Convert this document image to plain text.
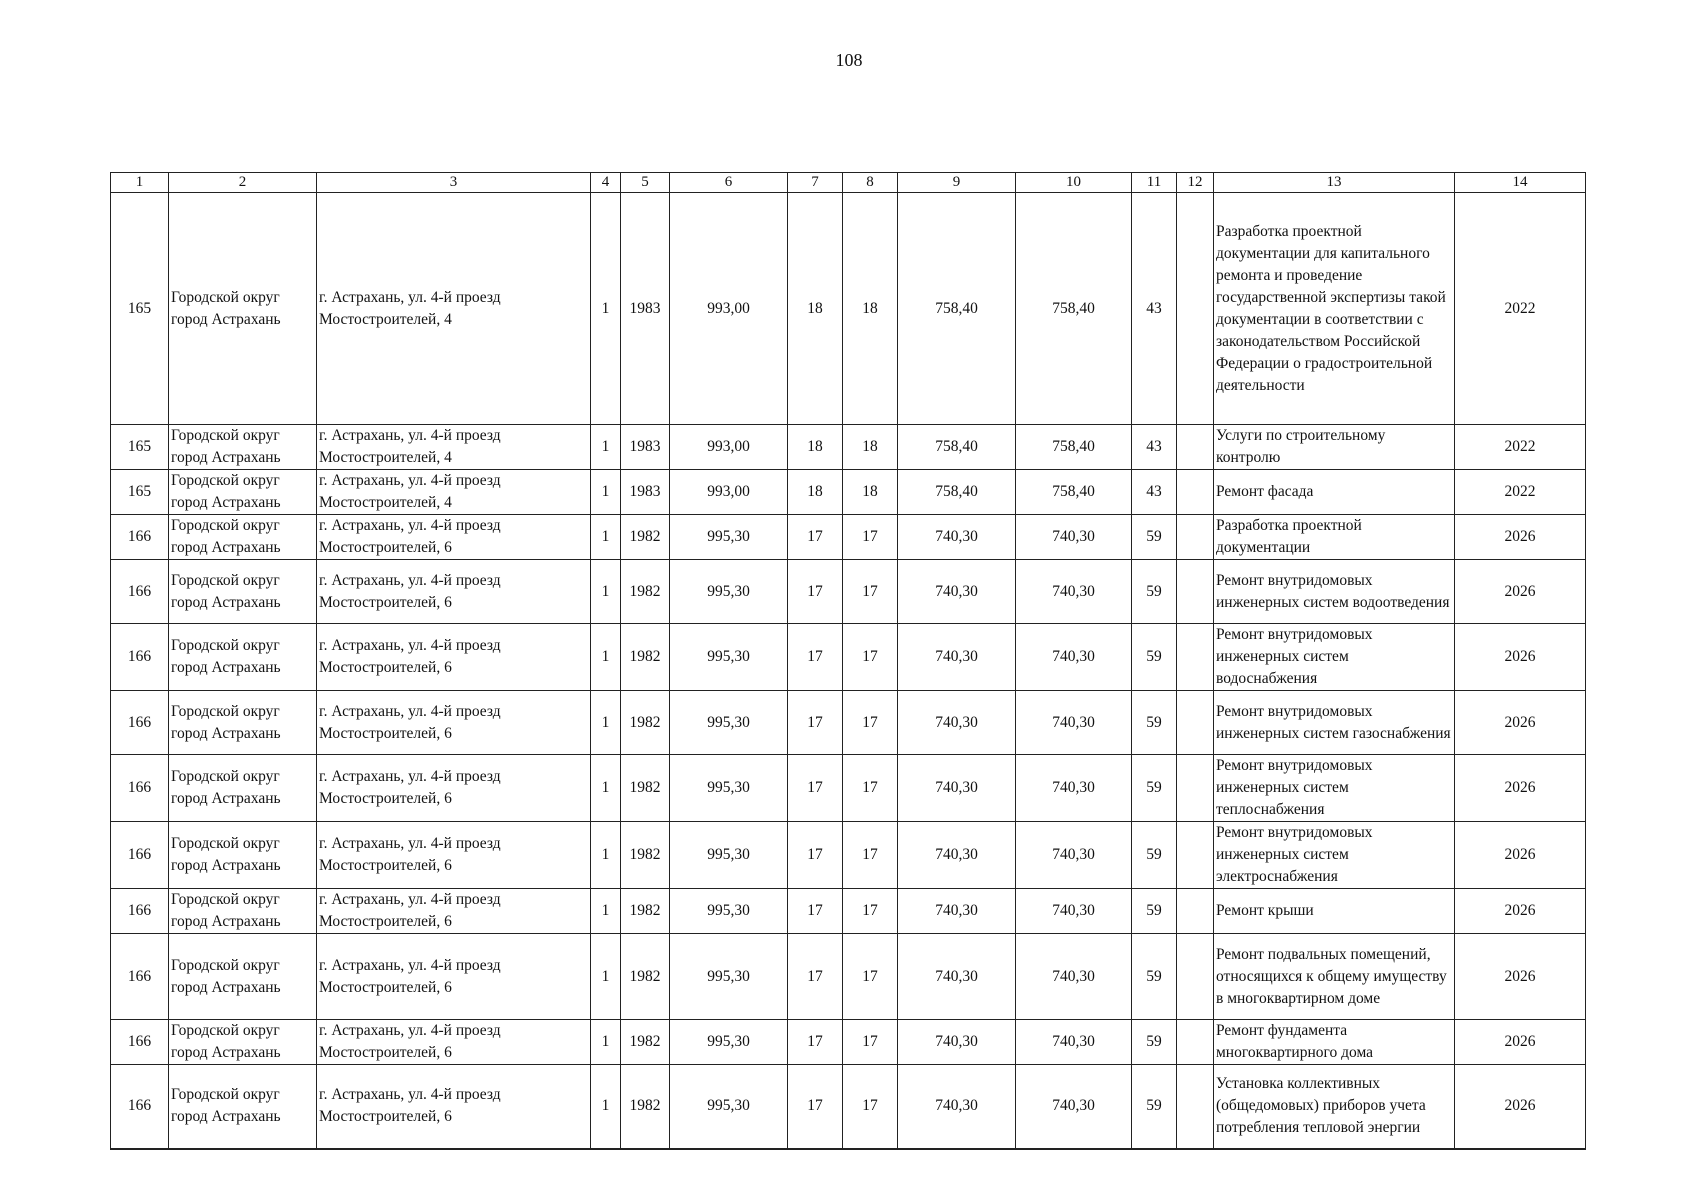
108
1	2	3	4	5	6	7	8	9	10	11	12	13	14
165	Городской округ город Астрахань	г. Астрахань, ул. 4-й проезд Мостостроителей, 4	1	1983	993,00	18	18	758,40	758,40	43		Разработка проектной документации для капитального ремонта и проведение государственной экспертизы такой документации в соответствии с законодательством Российской Федерации о градостроительной деятельности	2022
165	Городской округ город Астрахань	г. Астрахань, ул. 4-й проезд Мостостроителей, 4	1	1983	993,00	18	18	758,40	758,40	43		Услуги по строительному контролю	2022
165	Городской округ город Астрахань	г. Астрахань, ул. 4-й проезд Мостостроителей, 4	1	1983	993,00	18	18	758,40	758,40	43		Ремонт фасада	2022
166	Городской округ город Астрахань	г. Астрахань, ул. 4-й проезд Мостостроителей, 6	1	1982	995,30	17	17	740,30	740,30	59		Разработка проектной документации	2026
166	Городской округ город Астрахань	г. Астрахань, ул. 4-й проезд Мостостроителей, 6	1	1982	995,30	17	17	740,30	740,30	59		Ремонт внутридомовых инженерных систем водоотведения	2026
166	Городской округ город Астрахань	г. Астрахань, ул. 4-й проезд Мостостроителей, 6	1	1982	995,30	17	17	740,30	740,30	59		Ремонт внутридомовых инженерных систем водоснабжения	2026
166	Городской округ город Астрахань	г. Астрахань, ул. 4-й проезд Мостостроителей, 6	1	1982	995,30	17	17	740,30	740,30	59		Ремонт внутридомовых инженерных систем газоснабжения	2026
166	Городской округ город Астрахань	г. Астрахань, ул. 4-й проезд Мостостроителей, 6	1	1982	995,30	17	17	740,30	740,30	59		Ремонт внутридомовых инженерных систем теплоснабжения	2026
166	Городской округ город Астрахань	г. Астрахань, ул. 4-й проезд Мостостроителей, 6	1	1982	995,30	17	17	740,30	740,30	59		Ремонт внутридомовых инженерных систем электроснабжения	2026
166	Городской округ город Астрахань	г. Астрахань, ул. 4-й проезд Мостостроителей, 6	1	1982	995,30	17	17	740,30	740,30	59		Ремонт крыши	2026
166	Городской округ город Астрахань	г. Астрахань, ул. 4-й проезд Мостостроителей, 6	1	1982	995,30	17	17	740,30	740,30	59		Ремонт подвальных помещений, относящихся к общему имуществу в многоквартирном доме	2026
166	Городской округ город Астрахань	г. Астрахань, ул. 4-й проезд Мостостроителей, 6	1	1982	995,30	17	17	740,30	740,30	59		Ремонт фундамента многоквартирного дома	2026
166	Городской округ город Астрахань	г. Астрахань, ул. 4-й проезд Мостостроителей, 6	1	1982	995,30	17	17	740,30	740,30	59		Установка коллективных (общедомовых) приборов учета потребления тепловой энергии	2026
